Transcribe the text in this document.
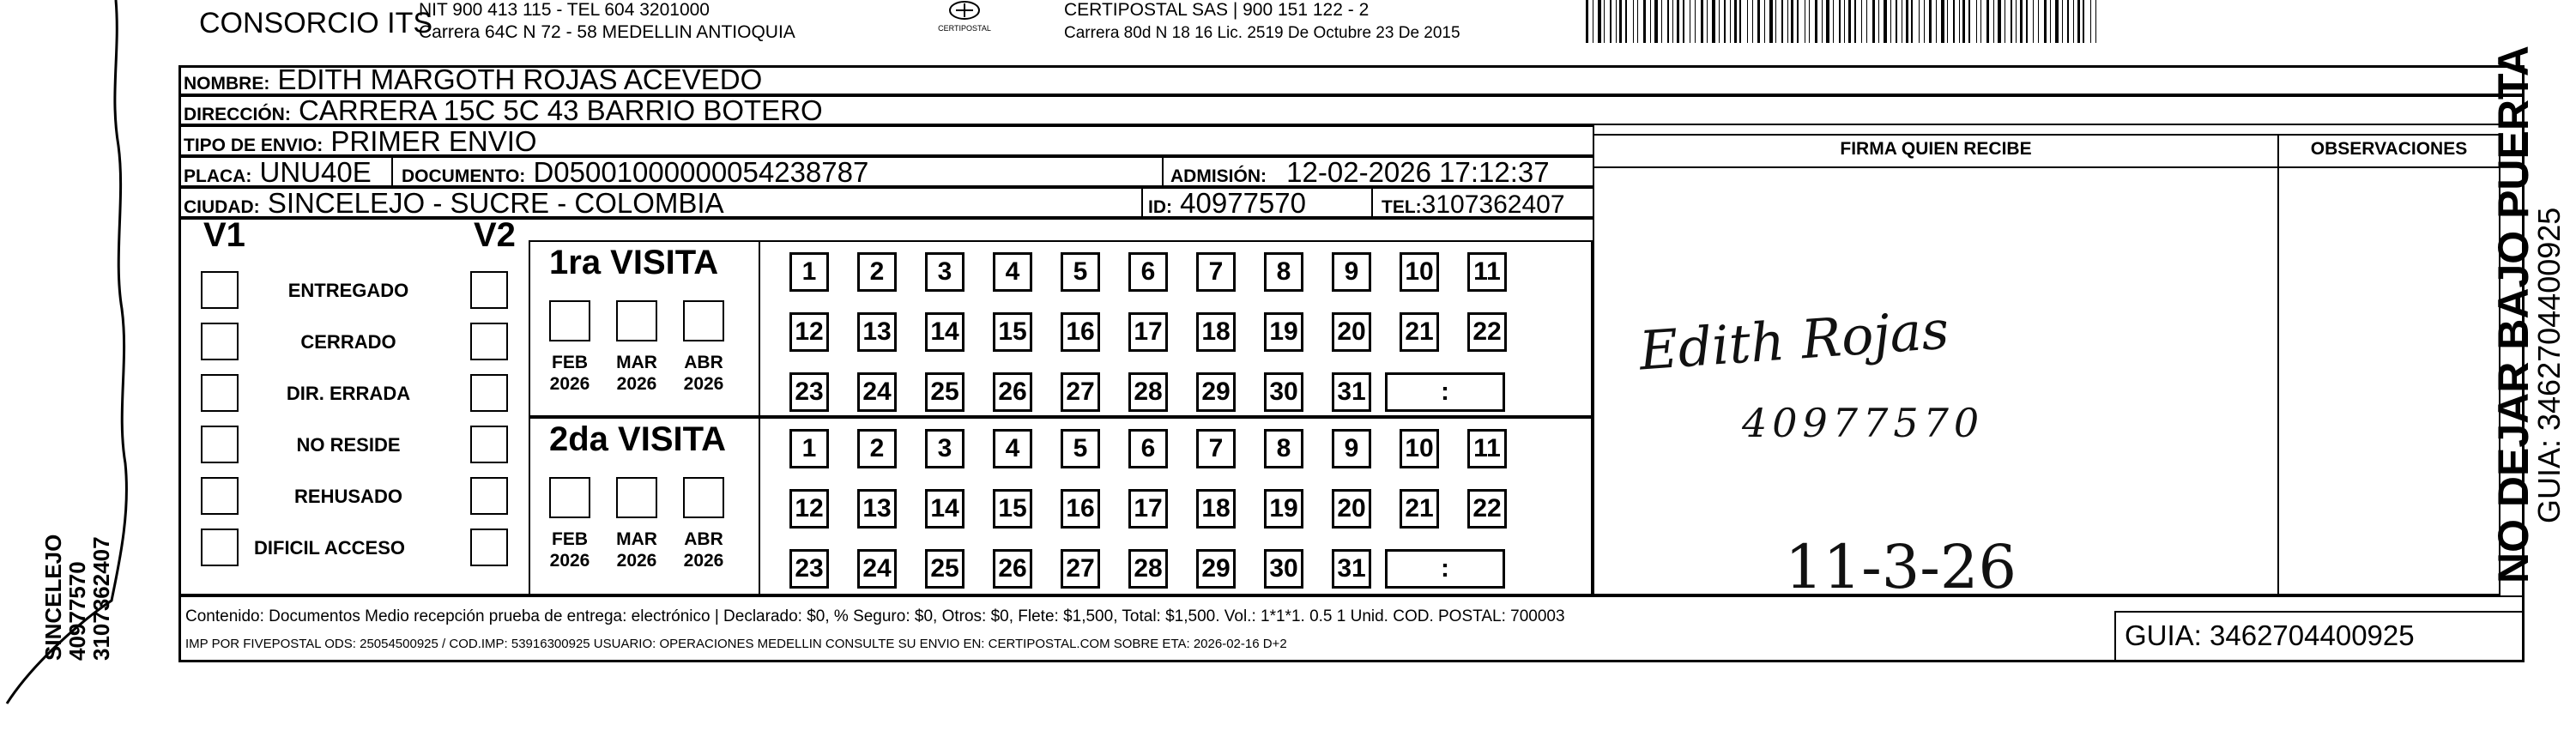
SINCELEJO
40977570
3107362407
CONSORCIO ITS
NIT 900 413 115 - TEL 604 3201000
Carrera 64C N 72 - 58 MEDELLIN ANTIOQUIA	CERTIPOSTAL
CERTIPOSTAL SAS | 900 151 122 - 2
Carrera 80d N 18 16 Lic. 2519 De Octubre 23 De 2015
NOMBRE: EDITH MARGOTH ROJAS ACEVEDO
DIRECCIÓN: CARRERA 15C 5C 43 BARRIO BOTERO
TIPO DE ENVIO: PRIMER ENVIO
PLACA: UNU40E DOCUMENTO: D05001000000054238787	ADMISIÓN: 12-02-2026 17:12:37
CIUDAD: SINCELEJO - SUCRE - COLOMBIA	ID: 40977570	TEL:3107362407
V1	V2
ENTREGADO
CERRADO
DIR. ERRADA
NO RESIDE
REHUSADO
DIFICIL ACCESO
1ra VISITA
FEB
2026
MAR
2026
ABR
2026
1	2	3	4	5	6	7	8	9	10 11
12 13 14 15 16 17 18 19 20 21 22
23 24 25 26 27 28 29 30 31	:
2da VISITA
FEB
2026
MAR
2026
ABR
2026
1	2	3	4	5	6	7	8	9	10 11
12 13 14 15 16 17 18 19 20 21 22
23 24 25 26 27 28 29 30 31	:
FIRMA QUIEN RECIBE	OBSERVACIONES
Edith Rojas
40977570
11-3-26
Contenido: Documentos Medio recepción prueba de entrega: electrónico | Declarado: $0, % Seguro: $0, Otros: $0, Flete: $1,500, Total: $1,500. Vol.: 1*1*1. 0.5 1 Unid. COD. POSTAL: 700003
IMP POR FIVEPOSTAL ODS: 25054500925 / COD.IMP: 53916300925 USUARIO: OPERACIONES MEDELLIN CONSULTE SU ENVIO EN: CERTIPOSTAL.COM SOBRE ETA: 2026-02-16 D+2	GUIA: 3462704400925
NO DEJAR BAJO PUERTA
GUIA: 3462704400925
